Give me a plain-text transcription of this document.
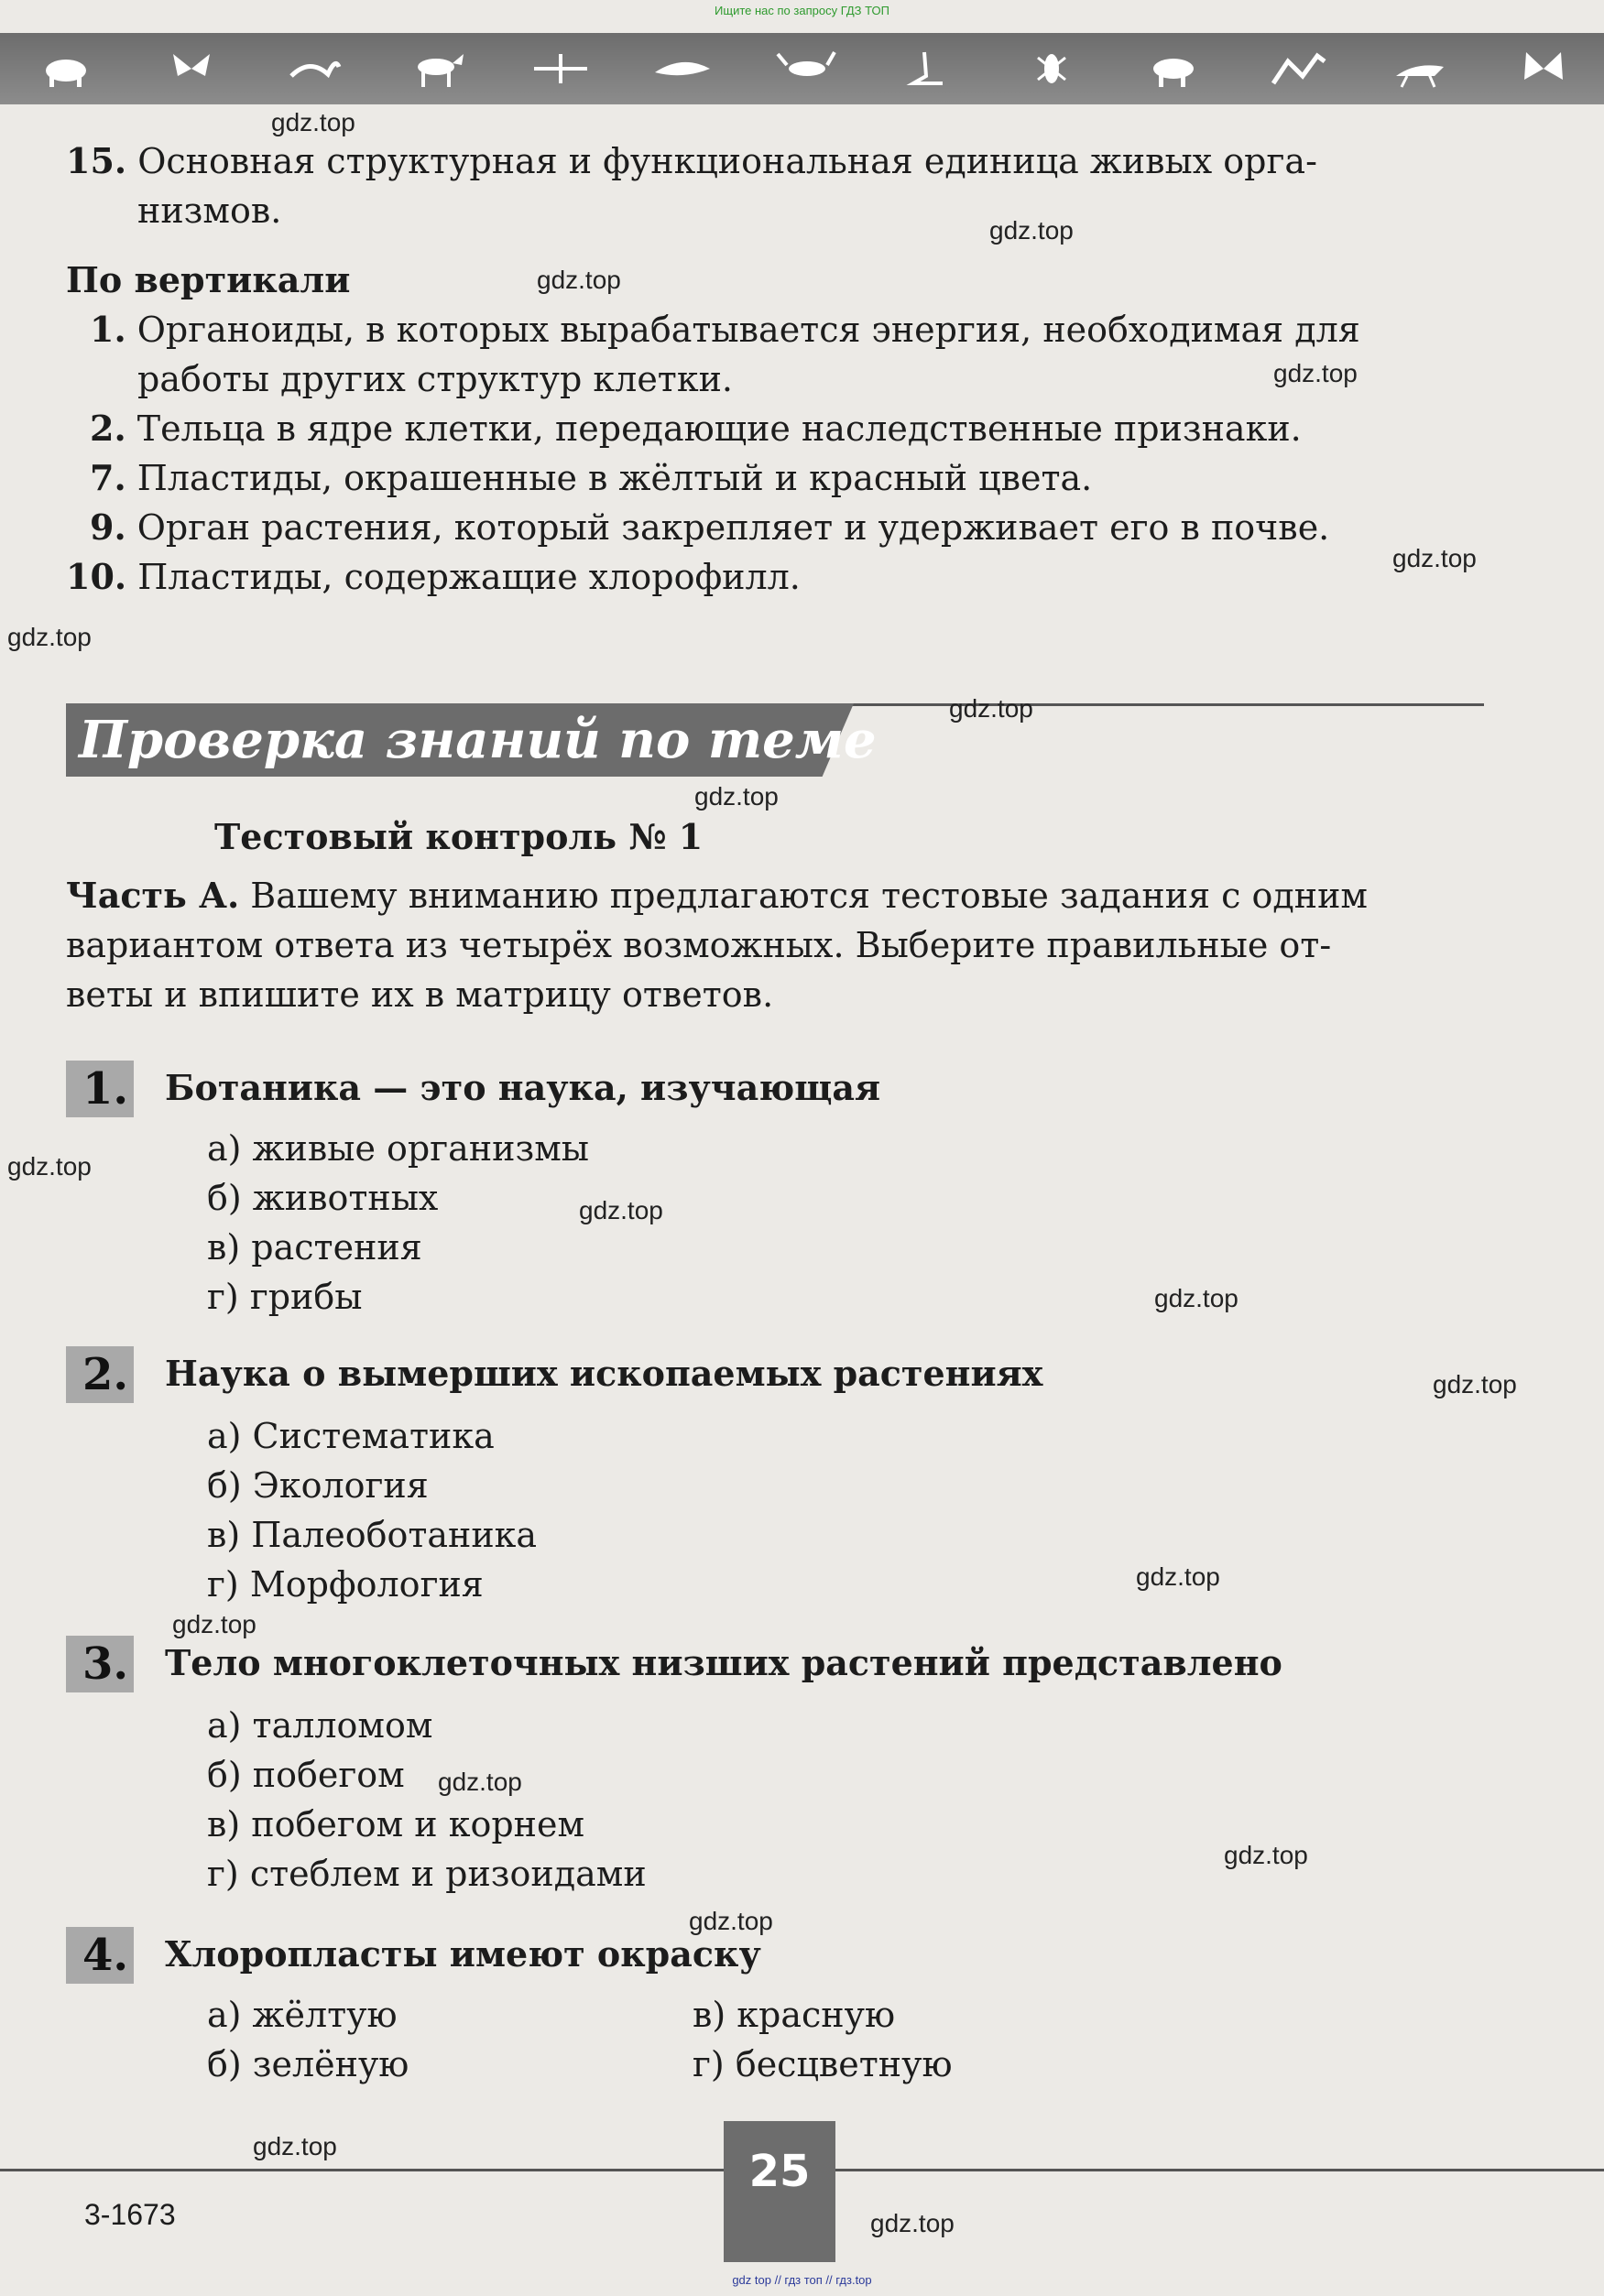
Ищите нас по запросу ГДЗ ТОП
15. Основная структурная и функциональная единица живых орга-
низмов.
По вертикали
1. Органоиды, в которых вырабатывается энергия, необходимая для
работы других структур клетки.
2. Тельца в ядре клетки, передающие наследственные признаки.
7. Пластиды, окрашенные в жёлтый и красный цвета.
9. Орган растения, который закрепляет и удерживает его в почве.
10. Пластиды, содержащие хлорофилл.
Проверка знаний по теме
Тестовый контроль № 1
Часть А. Вашему вниманию предлагаются тестовые задания с одним
вариантом ответа из четырёх возможных. Выберите правильные от-
веты и впишите их в матрицу ответов.
1. Ботаника — это наука, изучающая
а) живые организмы
б) животных
в) растения
г) грибы
2. Наука о вымерших ископаемых растениях
а) Систематика
б) Экология
в) Палеоботаника
г) Морфология
3. Тело многоклеточных низших растений представлено
а) талломом
б) побегом
в) побегом и корнем
г) стеблем и ризоидами
4. Хлоропласты имеют окраску
а) жёлтую
б) зелёную
в) красную
г) бесцветную
gdz.top
gdz.top
gdz.top
gdz.top
gdz.top
gdz.top
gdz.top
gdz.top
gdz.top
gdz.top
gdz.top
gdz.top
gdz.top
gdz.top
gdz.top
gdz.top
gdz.top
gdz.top
gdz.top
25
3-1673
gdz top // гдз топ // гдз.top
